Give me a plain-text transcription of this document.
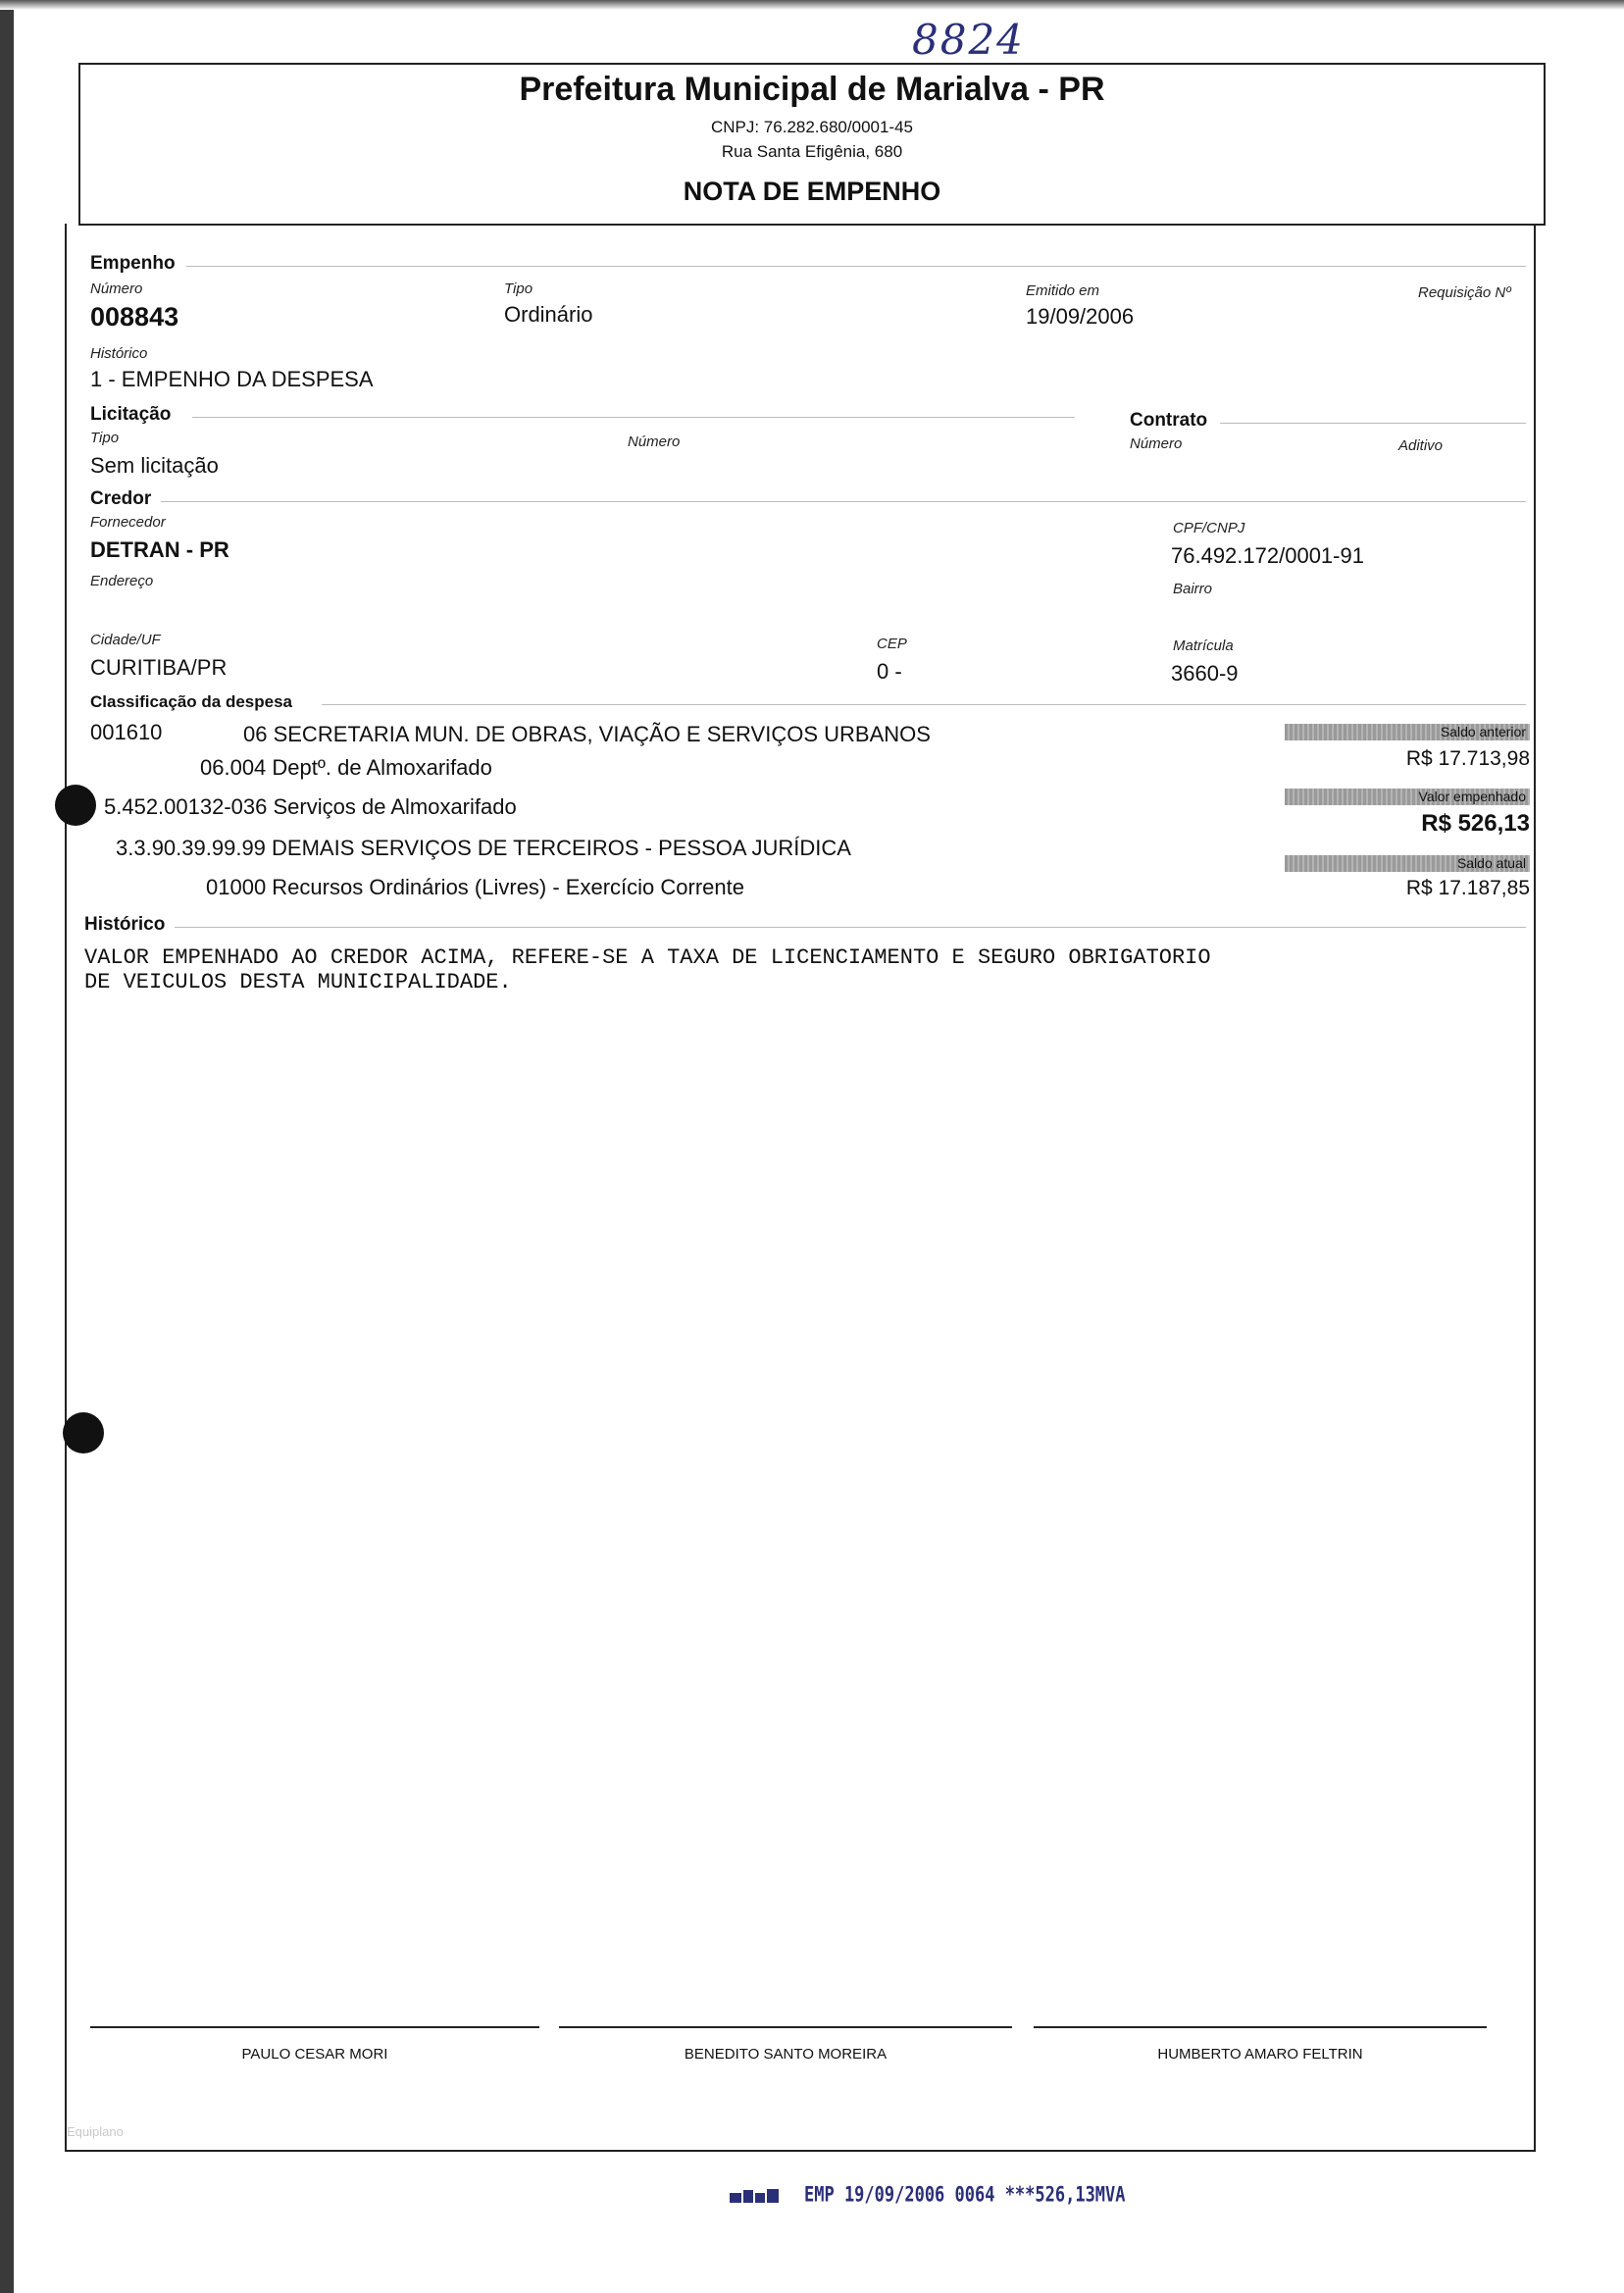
8824
Prefeitura Municipal de Marialva - PR
CNPJ: 76.282.680/0001-45
Rua Santa Efigênia, 680
NOTA DE EMPENHO
Empenho
Número
008843
Tipo
Ordinário
Emitido em
19/09/2006
Requisição Nº
Histórico
1 - EMPENHO DA DESPESA
Licitação
Tipo
Sem licitação
Número
Contrato
Número	Aditivo
Credor
Fornecedor
DETRAN - PR
CPF/CNPJ
76.492.172/0001-91
Endereço	Bairro
Cidade/UF
CURITIBA/PR
CEP
0 -
Matrícula
3660-9
Classificação da despesa
001610	06 SECRETARIA MUN. DE OBRAS, VIAÇÃO E SERVIÇOS URBANOS
06.004 Deptº. de Almoxarifado
5.452.00132-036 Serviços de Almoxarifado
3.3.90.39.99.99 DEMAIS SERVIÇOS DE TERCEIROS - PESSOA JURÍDICA
01000 Recursos Ordinários (Livres) - Exercício Corrente
Saldo anterior
R$ 17.713,98
Valor empenhado
R$ 526,13
Saldo atual
R$ 17.187,85
Histórico
VALOR EMPENHADO AO CREDOR ACIMA, REFERE-SE A TAXA DE LICENCIAMENTO E SEGURO OBRIGATORIO
DE VEICULOS DESTA MUNICIPALIDADE.
PAULO CESAR MORI	BENEDITO SANTO MOREIRA	HUMBERTO AMARO FELTRIN
Equiplano
EMP 19/09/2006 0064 ***526,13MVA
